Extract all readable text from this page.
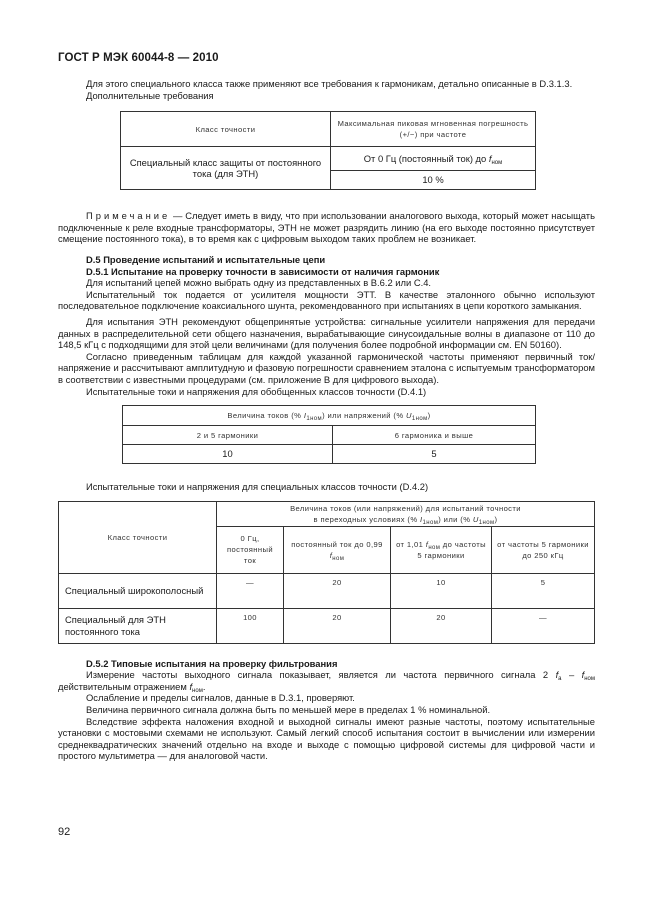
ГОСТ Р МЭК 60044-8 — 2010

Для этого специального класса также применяют все требования к гармоникам, детально описанные в D.3.1.3.

Дополнительные требования

Класс точности	Максимальная пиковая мгновенная погрешность (+/−) при частоте
Специальный класс защиты от постоянного тока (для ЭТН)	От 0 Гц (постоянный ток) до $f_{ном}$
	10 %

Примечание — Следует иметь в виду, что при использовании аналогового выхода, который может насыщать подключенные к реле входные трансформаторы, ЭТН не может разрядить линию (на его выходе постоянно присутствует смещение постоянного тока), в то время как с цифровым выходом таких проблем не возникает.

D.5 Проведение испытаний и испытательные цепи

D.5.1 Испытание на проверку точности в зависимости от наличия гармоник

Для испытаний цепей можно выбрать одну из представленных в B.6.2 или C.4.

Испытательный ток подается от усилителя мощности ЭТТ. В качестве эталонного обычно используют последовательное подключение коаксиального шунта, рекомендованного при испытаниях в цепи короткого замыкания.

Для испытания ЭТН рекомендуют общепринятые устройства: сигнальные усилители напряжения для передачи данных в распределительной сети общего назначения, вырабатывающие синусоидальные волны в диапазоне от 110 до 148,5 кГц с подходящими для этой цели величинами (для получения более подробной информации см. EN 50160).

Согласно приведенным таблицам для каждой указанной гармонической частоты применяют первичный ток/напряжение и рассчитывают амплитудную и фазовую погрешности сравнением эталона с испытуемым трансформатором в соответствии с известными процедурами (см. приложение В для цифрового выхода).

Испытательные токи и напряжения для обобщенных классов точности (D.4.1)

Величина токов (% $I_{1ном}$) или напряжений (% $U_{1ном}$)	
2 и 5 гармоники	6 гармоника и выше
10	5

Испытательные токи и напряжения для специальных классов точности (D.4.2)

Класс точности	Величина токов (или напряжений) для испытаний точности
в переходных условиях (% $I_{1ном}$) или (% $U_{1ном}$)			
	0 Гц, постоянный ток	постоянный ток до 0,99 $f_{ном}$	от 1,01 $f_{ном}$ до частоты 5 гармоники	от частоты 5 гармоники до 250 кГц
Специальный широкополосный	—	20	10	5
Специальный для ЭТН постоянного тока	100	20	20	—

D.5.2 Типовые испытания на проверку фильтрования

Измерение частоты выходного сигнала показывает, является ли частота первичного сигнала 2 $f_a - f_{ном}$ действительным отражением $f_{ном}$.

Ослабление и пределы сигналов, данные в D.3.1, проверяют.

Величина первичного сигнала должна быть по меньшей мере в пределах 1 % номинальной.

Вследствие эффекта наложения входной и выходной сигналы имеют разные частоты, поэтому испытательные установки с мостовыми схемами не используют. Самый легкий способ испытания состоит в вычислении или измерении среднеквадратических значений отдельно на входе и выходе с помощью цифровой системы для цифровой части и простого мультиметра — для аналоговой части.

92
